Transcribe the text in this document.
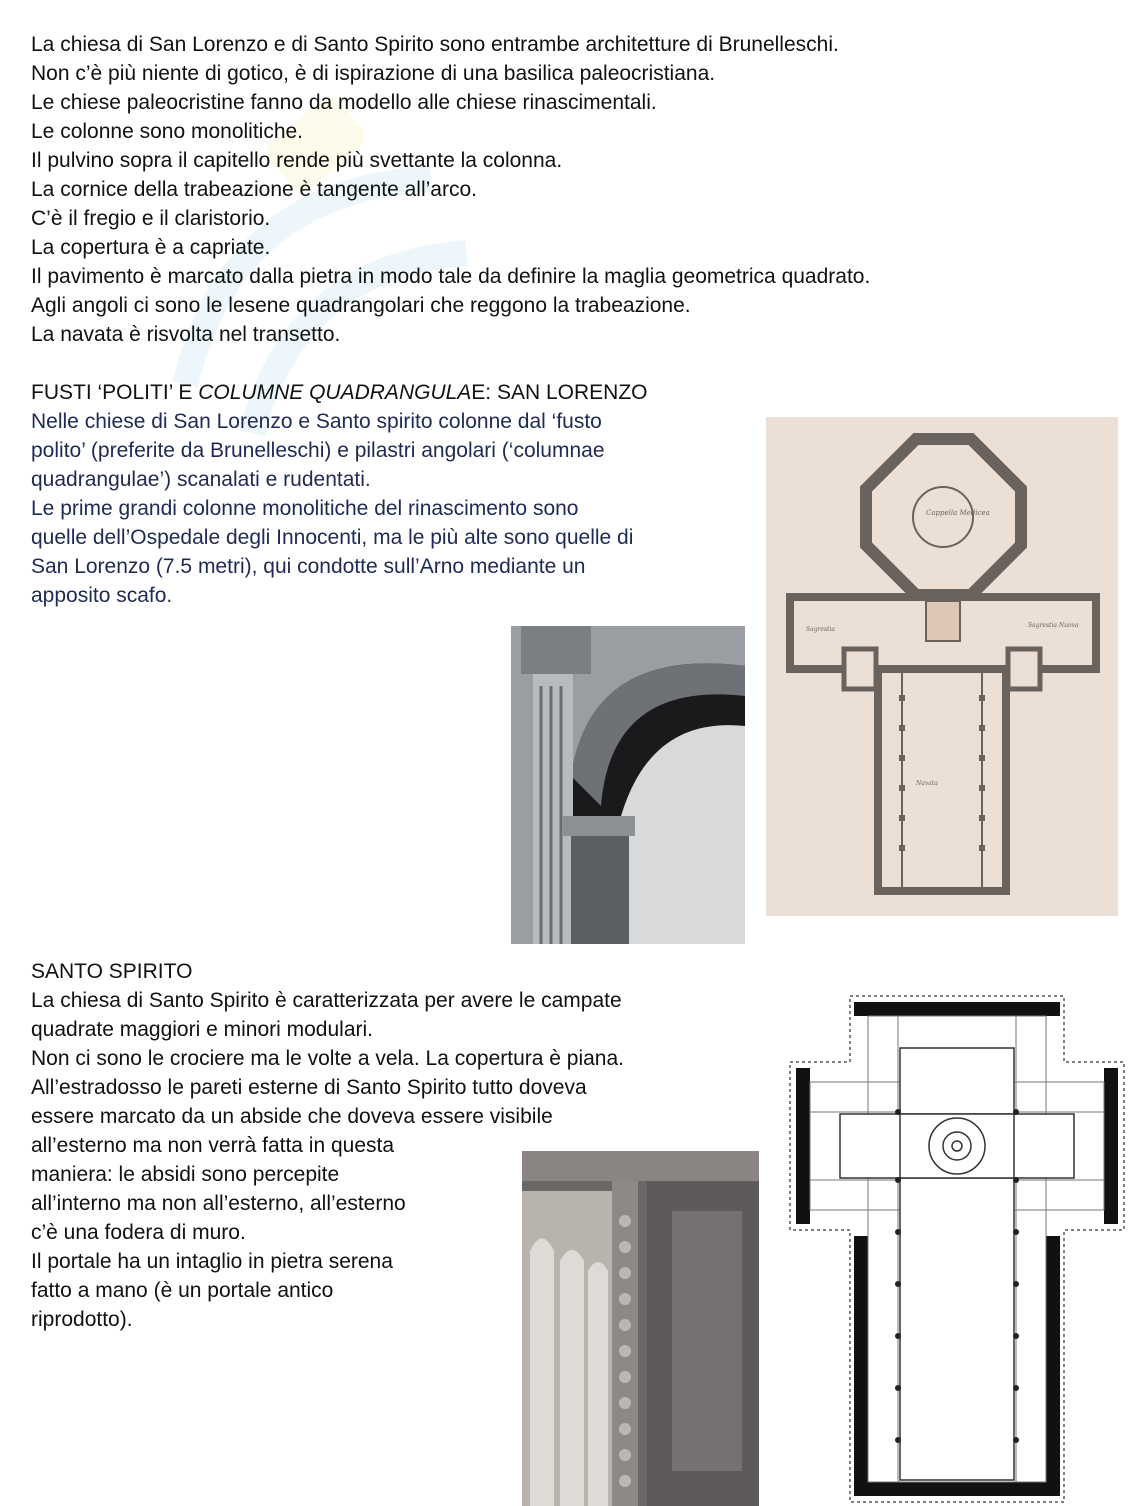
La chiesa di San Lorenzo e di Santo Spirito sono entrambe architetture di Brunelleschi.

Non c’è più niente di gotico, è di ispirazione di una basilica paleocristiana.

Le chiese paleocristine fanno da modello alle chiese rinascimentali.

Le colonne sono monolitiche.

Il pulvino sopra il capitello rende più svettante la colonna.

La cornice della trabeazione è tangente all’arco.

C’è il fregio e il claristorio.

La copertura è a capriate.

Il pavimento è marcato dalla pietra in modo tale da definire la maglia geometrica quadrato.

Agli angoli ci sono le lesene quadrangolari che reggono la trabeazione.

La navata è risvolta nel transetto.

FUSTI ‘POLITI’ E COLUMNE QUADRANGULAE: SAN LORENZO

Nelle chiese di San Lorenzo e Santo spirito colonne dal ‘fusto

polito’ (preferite da Brunelleschi) e pilastri angolari (‘columnae

quadrangulae’) scanalati e rudentati.

Le prime grandi colonne monolitiche del rinascimento sono

quelle dell’Ospedale degli Innocenti, ma le più alte sono quelle di

San Lorenzo (7.5 metri), qui condotte sull’Arno mediante un

apposito scafo.

Cappella Medicea
Sagrestia
Sagrestia Nuova
Navata
SANTO SPIRITO

La chiesa di Santo Spirito è caratterizzata per avere le campate

quadrate maggiori e minori modulari.

Non ci sono le crociere ma le volte a vela. La copertura è piana.

All’estradosso le pareti esterne di Santo Spirito tutto doveva

essere marcato da un abside che doveva essere visibile

all’esterno ma non verrà fatta in questa

maniera: le absidi sono percepite

all’interno ma non all’esterno, all’esterno

c’è una fodera di muro.

Il portale ha un intaglio in pietra serena

fatto a mano (è un portale antico

riprodotto).
